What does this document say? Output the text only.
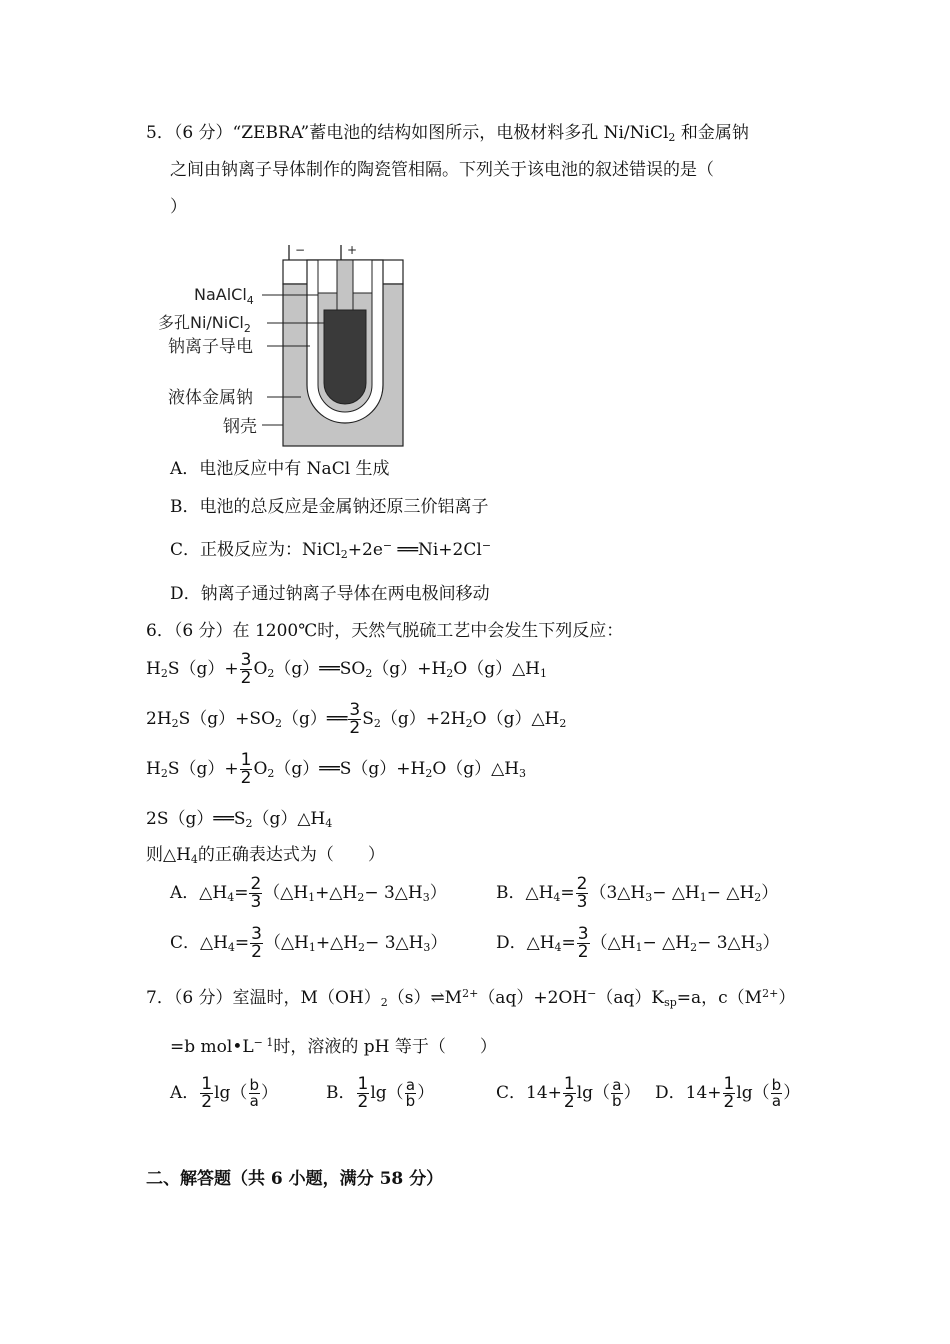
5．（6 分）“ZEBRA”蓄电池的结构如图所示，电极材料多孔 Ni/NiCl$_2$ 和金属钠
之间由钠离子导体制作的陶瓷管相隔。下列关于该电池的叙述错误的是（
）
−	+
NaAlCl$_4$
多孔Ni/NiCl$_2$
钠离子导电
液体金属钠
钢壳
A．电池反应中有 NaCl 生成
B．电池的总反应是金属钠还原三价铝离子
C．正极反应为：NiCl$_2$+2e− ══Ni+2Cl−
D．钠离子通过钠离子导体在两电极间移动
6．（6 分）在 1200℃时，天然气脱硫工艺中会发生下列反应：
$H_2S(g)+ \frac{3}{2}$ $O_2(g)══SO_2(g)+H_2O(g)\triangle H_1$
$2H_2S(g)+SO_2(g)══ \frac{3}{2}$ $S_2(g)+2H_2O(g)\triangle H_2$
$H_2S(g)+ \frac{1}{2}$ $O_2(g)══S(g)+H_2O(g)\triangle H_3$
$2S(g)══S_2(g)\triangle H_4$
则$\triangle H_4$的正确表达式为（　　）
A．$\triangle H_4= \frac{2}{3}$ （$\triangle H_1+\triangle H_2-$ $3\triangle H_3$）	B．$\triangle H_4= \frac{2}{3}$ （$3\triangle H_3-$ $\triangle H_1-$ $\triangle H_2$）
C．$\triangle H_4= \frac{3}{2}$ （$\triangle H_1+\triangle H_2-$ $3\triangle H_3$）	D．$\triangle H_4= \frac{3}{2}$ （$\triangle H_1-$ $\triangle H_2-$ $3\triangle H_3$）
7．（6 分）室温时，$M(OH)_2(s)\rightleftharpoons M^{2+}(aq)+2OH^-(aq)K_{sp}=a$，$c(M^{2+})$
=b $mol•L^{- 1}$时，溶液的 pH 等于（　　）
A． $\frac{1}{2} \lg( \frac{b}{a}$ ）	B． $\frac{1}{2} \lg( \frac{a}{b}$ ）	C．$14+ \frac{1}{2} \lg( \frac{a}{b}$ ） D．$14+ \frac{1}{2} \lg( \frac{b}{a}$ ）
二、解答题（共 6 小题，满分 58 分）
